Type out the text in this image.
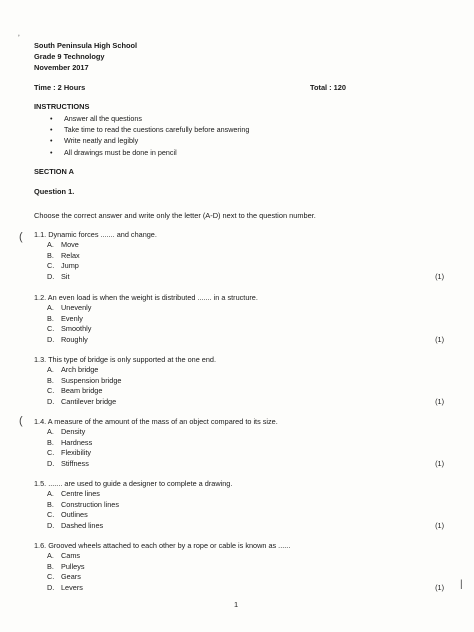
ʼ
South Peninsula High School
Grade 9 Technology
November 2017
Time : 2 Hours	Total : 120
INSTRUCTIONS
•	Answer all the questions
•	Take time to read the cuestions carefully before answering
•	Write neatly and legibly
•	All drawings must be done in pencil
SECTION A
Question 1.
Choose the correct answer and write only the letter (A-D) next to the question number.
(
(
1.1. Dynamic forces ....... and change.
A. Move
B. Relax
C. Jump
D. Sit	(1)
1.2. An even load is when the weight is distributed ....... in a structure.
A. Unevenly
B. Evenly
C. Smoothly
D. Roughly	(1)
1.3. This type of bridge is only supported at the one end.
A. Arch bridge
B. Suspension bridge
C. Beam bridge
D. Cantilever bridge	(1)
1.4. A measure of the amount of the mass of an object compared to its size.
A. Density
B. Hardness
C. Flexibility
D. Stiffness	(1)
1.5. ....... are used to guide a designer to complete a drawing.
A. Centre lines
B. Construction lines
C. Outlines
D. Dashed lines	(1)
1.6. Grooved wheels attached to each other by a rope or cable is known as ......
A. Cams
B. Pulleys
C. Gears
D. Levers	(1)
1
|
